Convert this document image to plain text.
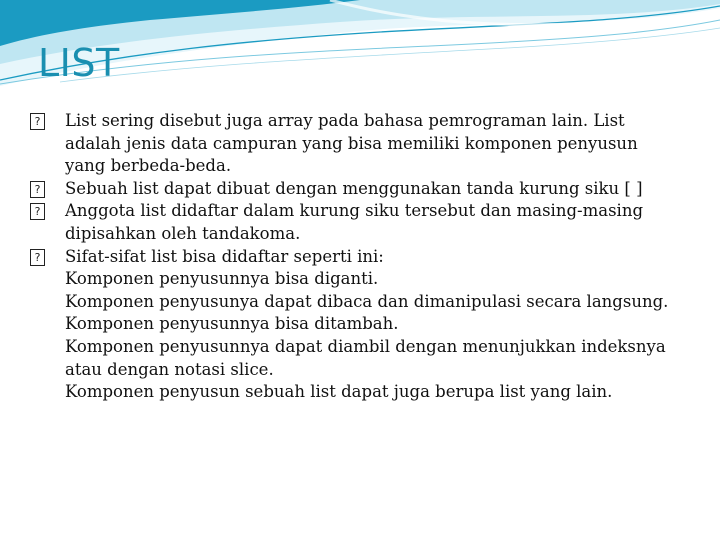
LIST
? List sering disebut juga array pada bahasa pemrograman lain. List adalah jenis data campuran yang bisa memiliki komponen penyusun yang berbeda-beda.
? Sebuah list dapat dibuat dengan menggunakan tanda kurung siku [ ]
? Anggota list didaftar dalam kurung siku tersebut dan masing-masing dipisahkan oleh tandakoma.
? Sifat-sifat list bisa didaftar seperti ini:
Komponen penyusunnya bisa diganti.
Komponen penyusunya dapat dibaca dan dimanipulasi secara langsung.
Komponen penyusunnya bisa ditambah.
Komponen penyusunnya dapat diambil dengan menunjukkan indeksnya atau dengan notasi slice.
Komponen penyusun sebuah list dapat juga berupa list yang lain.
